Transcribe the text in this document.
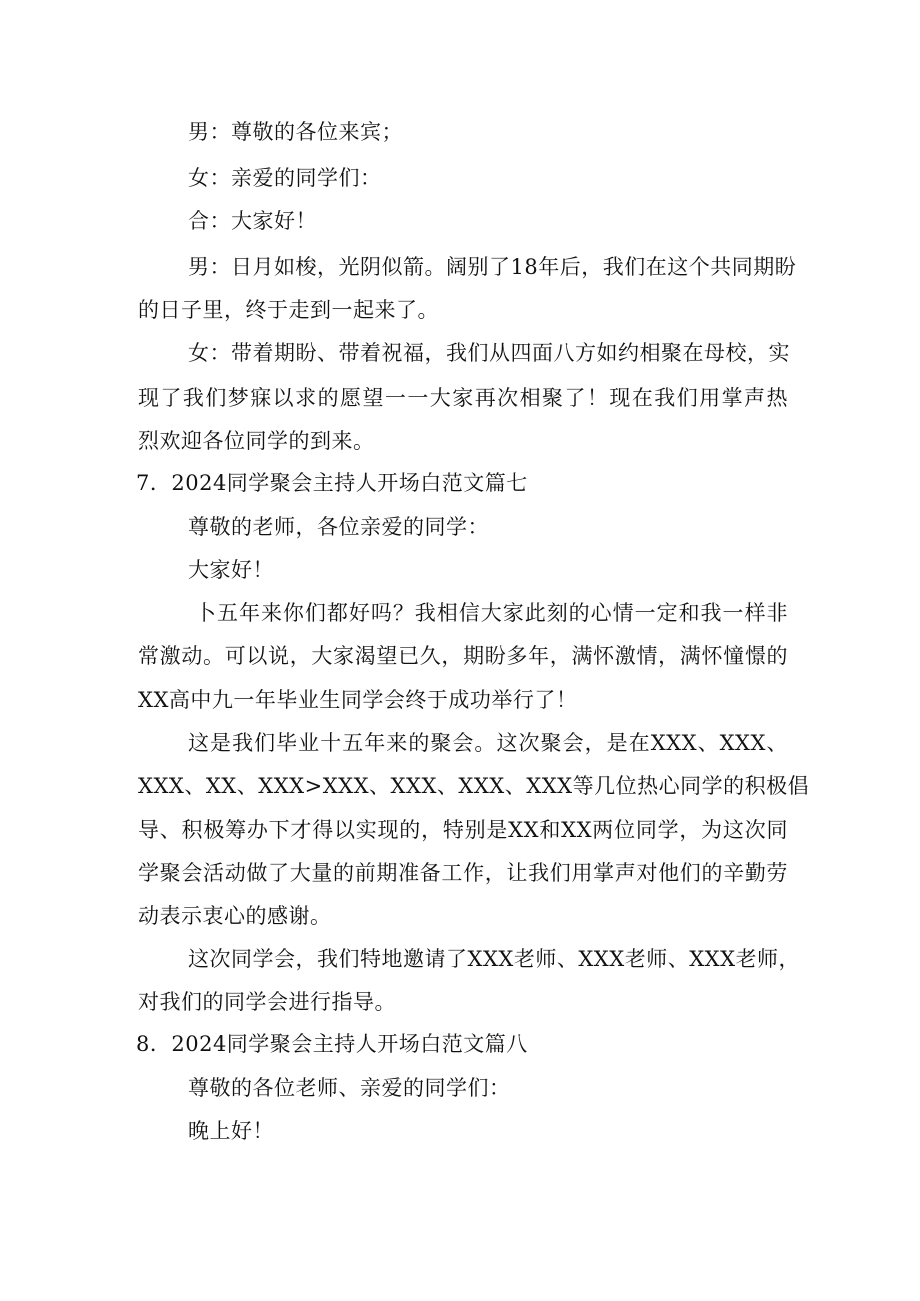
男：尊敬的各位来宾；
女：亲爱的同学们：
合：大家好！
男：日月如梭，光阴似箭。阔别了18年后，我们在这个共同期盼
的日子里，终于走到一起来了。
女：带着期盼、带着祝福，我们从四面八方如约相聚在母校，实
现了我们梦寐以求的愿望一一大家再次相聚了！现在我们用掌声热
烈欢迎各位同学的到来。
7．2024同学聚会主持人开场白范文篇七
尊敬的老师，各位亲爱的同学：
大家好！
卜五年来你们都好吗？我相信大家此刻的心情一定和我一样非
常激动。可以说，大家渴望已久，期盼多年，满怀激情，满怀憧憬的
XX高中九一年毕业生同学会终于成功举行了！
这是我们毕业十五年来的聚会。这次聚会，是在XXX、XXX、
XXX、XX、XXX>XXX、XXX、XXX、XXX等几位热心同学的积极倡
导、积极筹办下才得以实现的，特别是XX和XX两位同学，为这次同
学聚会活动做了大量的前期准备工作，让我们用掌声对他们的辛勤劳
动表示衷心的感谢。
这次同学会，我们特地邀请了XXX老师、XXX老师、XXX老师，
对我们的同学会进行指导。
8．2024同学聚会主持人开场白范文篇八
尊敬的各位老师、亲爱的同学们：
晚上好！
